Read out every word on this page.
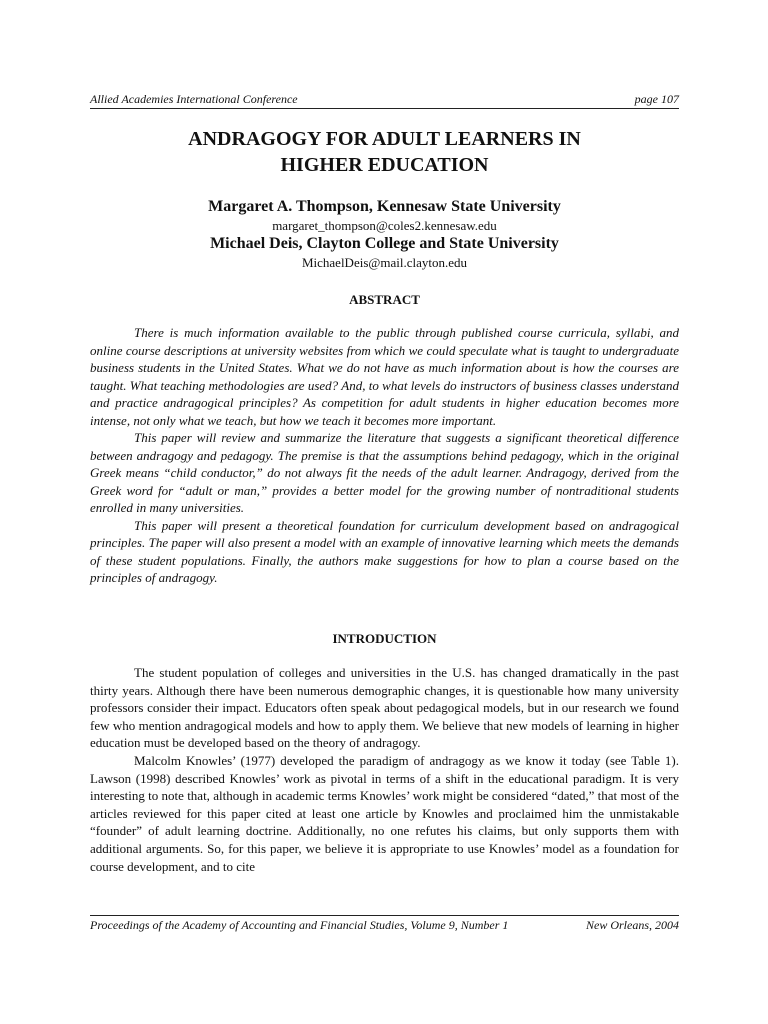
Allied Academies International Conference	page 107
ANDRAGOGY FOR ADULT LEARNERS IN
HIGHER EDUCATION
Margaret A. Thompson, Kennesaw State University
margaret_thompson@coles2.kennesaw.edu
Michael Deis, Clayton College and State University
MichaelDeis@mail.clayton.edu
ABSTRACT

There is much information available to the public through published course curricula, syllabi, and online course descriptions at university websites from which we could speculate what is taught to undergraduate business students in the United States. What we do not have as much information about is how the courses are taught. What teaching methodologies are used? And, to what levels do instructors of business classes understand and practice andragogical principles? As competition for adult students in higher education becomes more intense, not only what we teach, but how we teach it becomes more important.

This paper will review and summarize the literature that suggests a significant theoretical difference between andragogy and pedagogy. The premise is that the assumptions behind pedagogy, which in the original Greek means “child conductor,” do not always fit the needs of the adult learner. Andragogy, derived from the Greek word for “adult or man,” provides a better model for the growing number of nontraditional students enrolled in many universities.

This paper will present a theoretical foundation for curriculum development based on andragogical principles. The paper will also present a model with an example of innovative learning which meets the demands of these student populations. Finally, the authors make suggestions for how to plan a course based on the principles of andragogy.

INTRODUCTION

The student population of colleges and universities in the U.S. has changed dramatically in the past thirty years. Although there have been numerous demographic changes, it is questionable how many university professors consider their impact. Educators often speak about pedagogical models, but in our research we found few who mention andragogical models and how to apply them. We believe that new models of learning in higher education must be developed based on the theory of andragogy.

Malcolm Knowles’ (1977) developed the paradigm of andragogy as we know it today (see Table 1). Lawson (1998) described Knowles’ work as pivotal in terms of a shift in the educational paradigm. It is very interesting to note that, although in academic terms Knowles’ work might be considered “dated,” that most of the articles reviewed for this paper cited at least one article by Knowles and proclaimed him the unmistakable “founder” of adult learning doctrine. Additionally, no one refutes his claims, but only supports them with additional arguments. So, for this paper, we believe it is appropriate to use Knowles’ model as a foundation for course development, and to cite

Proceedings of the Academy of Accounting and Financial Studies, Volume 9, Number 1	New Orleans, 2004
